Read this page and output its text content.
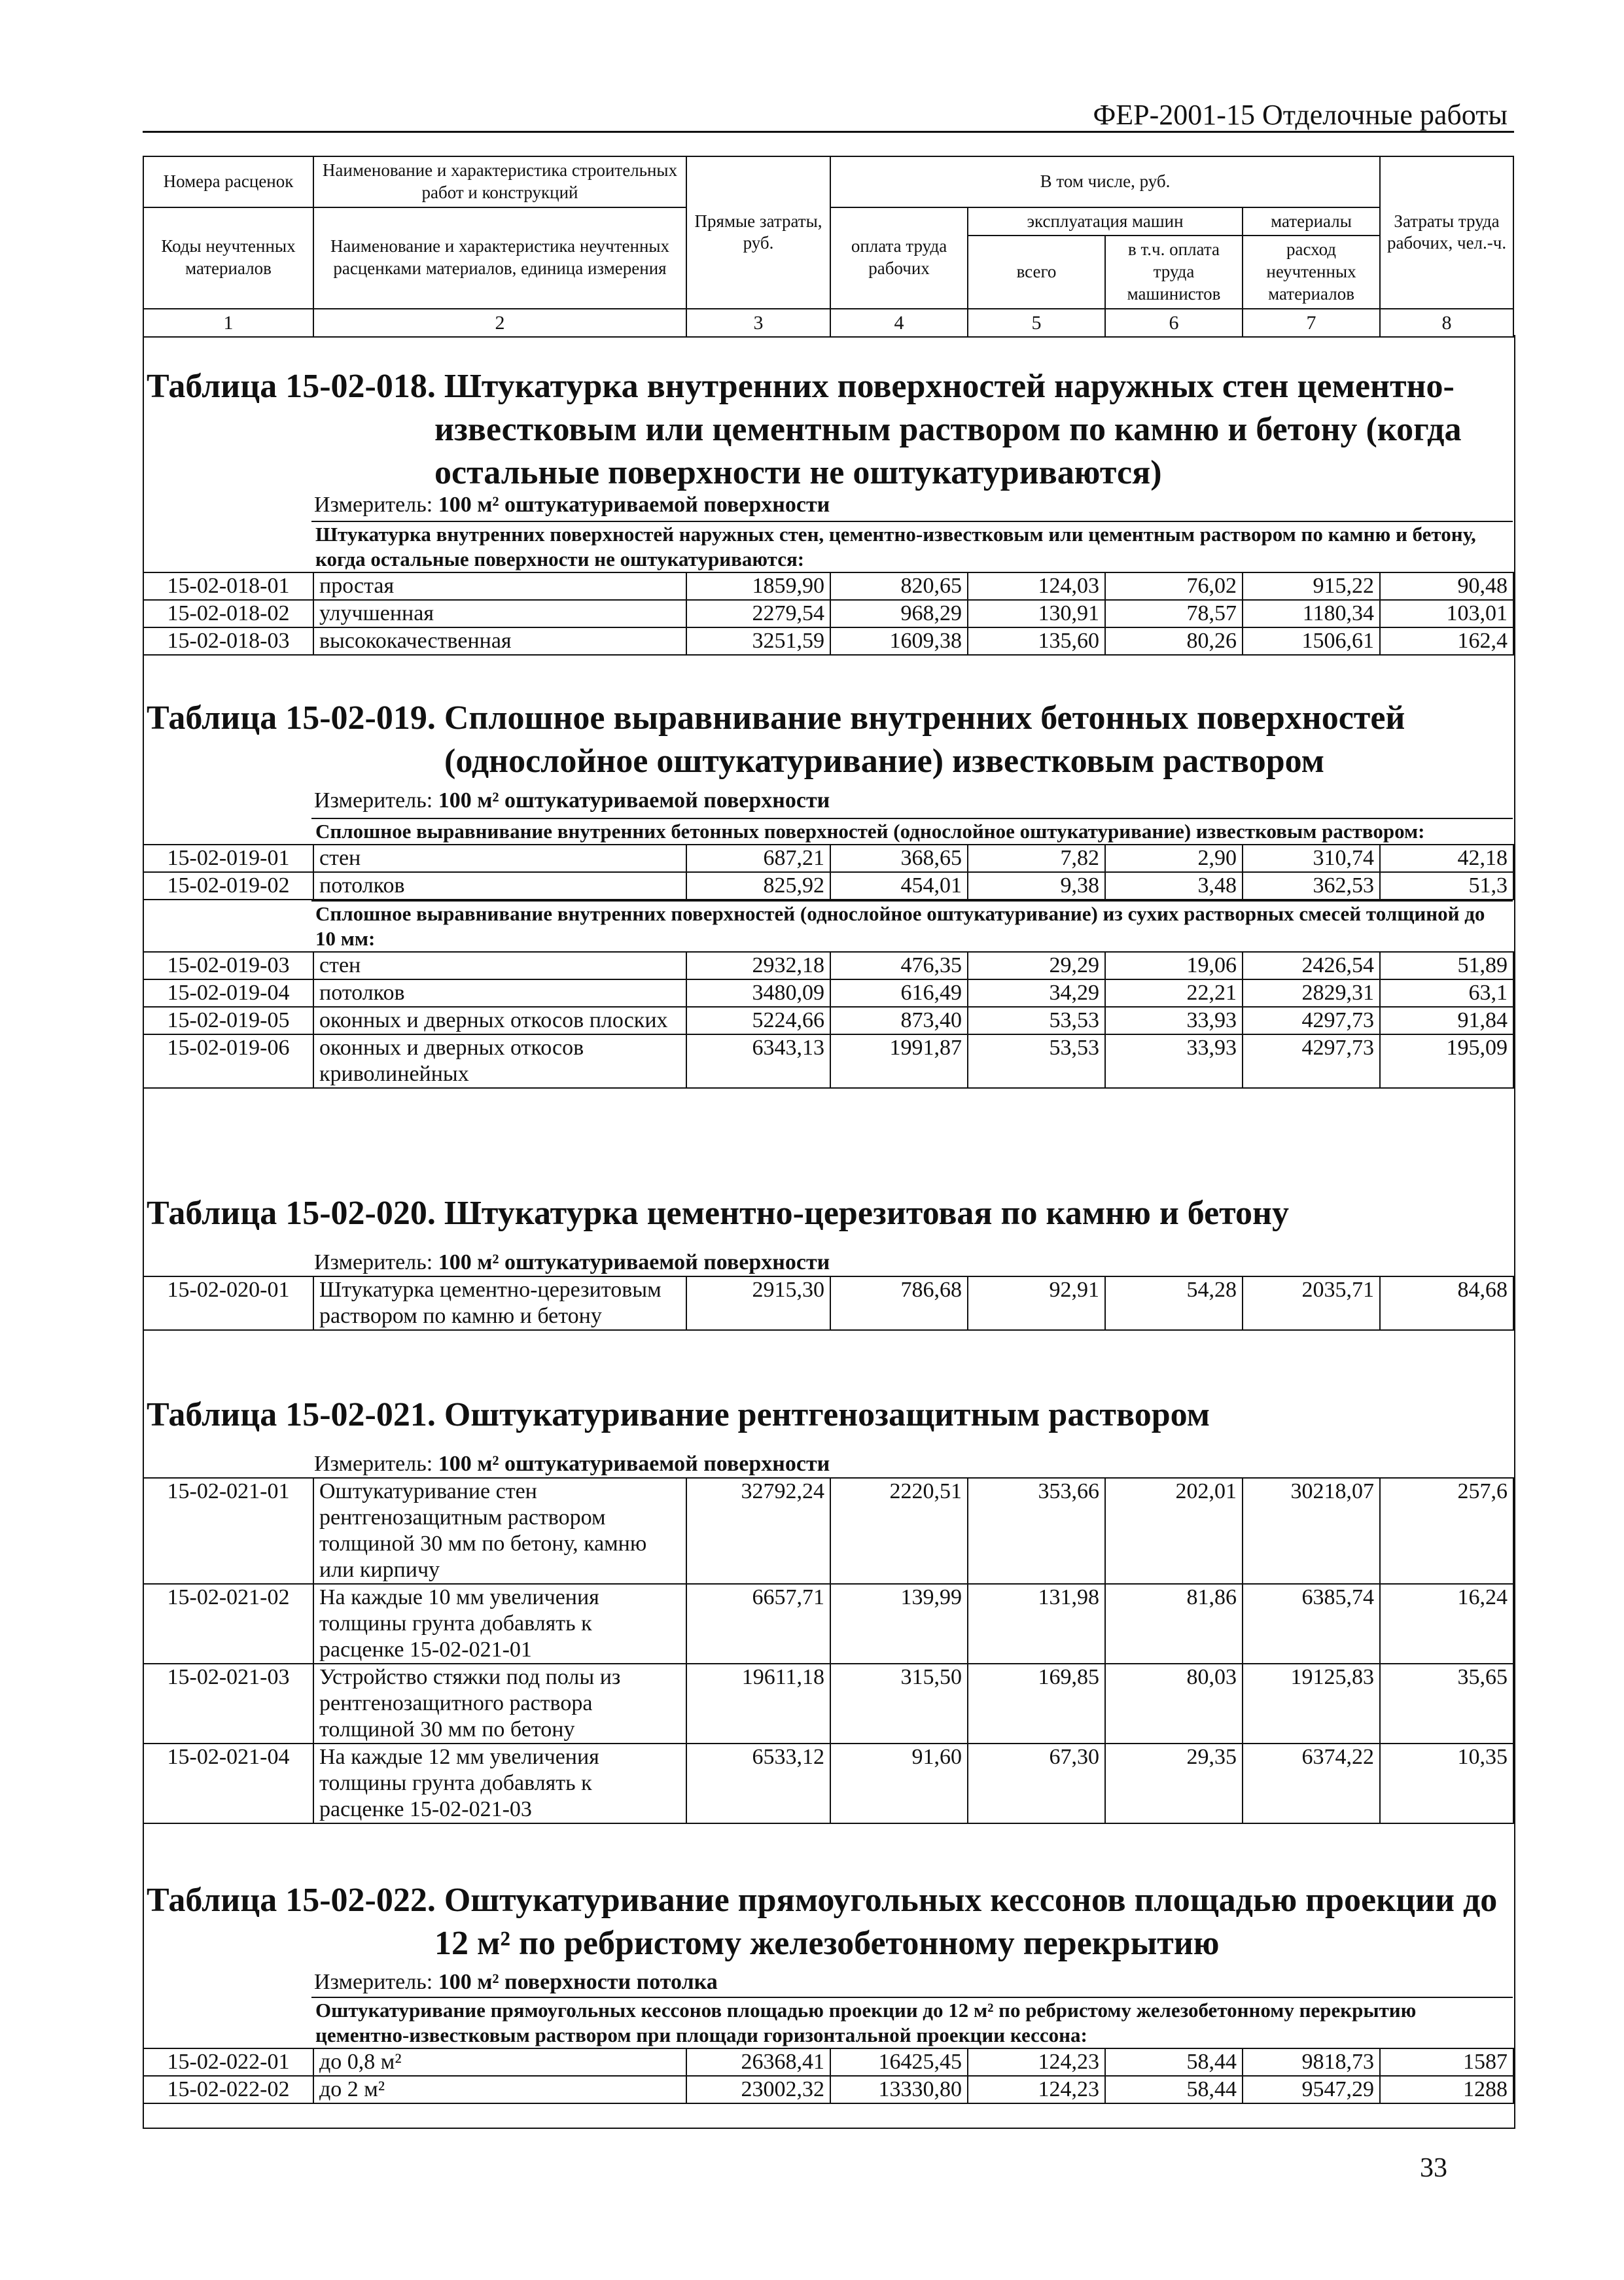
ФЕР-2001-15 Отделочные работы
Номера расценок	Наименование и характеристика строительных работ и конструкций	Прямые затраты, руб.	В том числе, руб.				Затраты труда рабочих, чел.-ч.
Коды неучтенных материалов	Наименование и характеристика неучтенных расценками материалов, единица измерения		оплата труда рабочих	эксплуатация машин		материалы	
				всего	в т.ч. оплата труда машинистов	расход неучтенных материалов	

1	2	3	4	5	6	7	8
Таблица 15-02-018. Штукатурка внутренних поверхностей наружных стен цементно-
известковым или цементным раствором по камню и бетону (когда
остальные поверхности не оштукатуриваются)
Измеритель: 100 м² оштукатуриваемой поверхности
Штукатурка внутренних поверхностей наружных стен, цементно-известковым или цементным раствором по камню и бетону, когда остальные поверхности не оштукатуриваются:
15-02-018-01	простая	1859,90	820,65	124,03	76,02	915,22	90,48
15-02-018-02	улучшенная	2279,54	968,29	130,91	78,57	1180,34	103,01
15-02-018-03	высококачественная	3251,59	1609,38	135,60	80,26	1506,61	162,4
Таблица 15-02-019. Сплошное выравнивание внутренних бетонных поверхностей
(однослойное оштукатуривание) известковым раствором
Измеритель: 100 м² оштукатуриваемой поверхности
Сплошное выравнивание внутренних бетонных поверхностей (однослойное оштукатуривание) известковым раствором:
15-02-019-01	стен	687,21	368,65	7,82	2,90	310,74	42,18
15-02-019-02	потолков	825,92	454,01	9,38	3,48	362,53	51,3
Сплошное выравнивание внутренних поверхностей (однослойное оштукатуривание) из сухих растворных смесей толщиной до 10 мм:
15-02-019-03	стен	2932,18	476,35	29,29	19,06	2426,54	51,89
15-02-019-04	потолков	3480,09	616,49	34,29	22,21	2829,31	63,1
15-02-019-05	оконных и дверных откосов плоских	5224,66	873,40	53,53	33,93	4297,73	91,84
15-02-019-06	оконных и дверных откосов криволинейных	6343,13	1991,87	53,53	33,93	4297,73	195,09
Таблица 15-02-020. Штукатурка цементно-церезитовая по камню и бетону
Измеритель: 100 м² оштукатуриваемой поверхности
15-02-020-01	Штукатурка цементно-церезитовым раствором по камню и бетону	2915,30	786,68	92,91	54,28	2035,71	84,68
Таблица 15-02-021. Оштукатуривание рентгенозащитным раствором
Измеритель: 100 м² оштукатуриваемой поверхности
15-02-021-01	Оштукатуривание стен рентгенозащитным раствором толщиной 30 мм по бетону, камню или кирпичу	32792,24	2220,51	353,66	202,01	30218,07	257,6
15-02-021-02	На каждые 10 мм увеличения толщины грунта добавлять к расценке 15-02-021-01	6657,71	139,99	131,98	81,86	6385,74	16,24
15-02-021-03	Устройство стяжки под полы из рентгенозащитного раствора толщиной 30 мм по бетону	19611,18	315,50	169,85	80,03	19125,83	35,65
15-02-021-04	На каждые 12 мм увеличения толщины грунта добавлять к расценке 15-02-021-03	6533,12	91,60	67,30	29,35	6374,22	10,35
Таблица 15-02-022. Оштукатуривание прямоугольных кессонов площадью проекции до
12 м² по ребристому железобетонному перекрытию
Измеритель: 100 м² поверхности потолка
Оштукатуривание прямоугольных кессонов площадью проекции до 12 м² по ребристому железобетонному перекрытию цементно-известковым раствором при площади горизонтальной проекции кессона:
15-02-022-01	до 0,8 м²	26368,41	16425,45	124,23	58,44	9818,73	1587
15-02-022-02	до 2 м²	23002,32	13330,80	124,23	58,44	9547,29	1288
33
